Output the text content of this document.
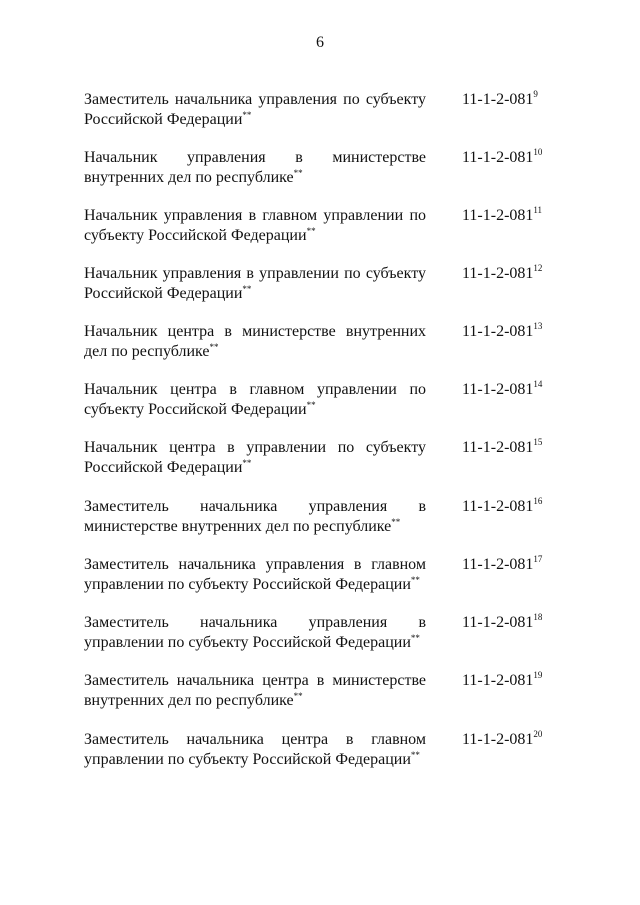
6
Заместитель начальника управления по субъекту Российской Федерации**
$11-1-2-081^9$
Начальник управления в министерстве внутренних дел по республике**
$11-1-2-081^{10}$
Начальник управления в главном управлении по субъекту Российской Федерации**
$11-1-2-081^{11}$
Начальник управления в управлении по субъекту Российской Федерации**
$11-1-2-081^{12}$
Начальник центра в министерстве внутренних дел по республике**
$11-1-2-081^{13}$
Начальник центра в главном управлении по субъекту Российской Федерации**
$11-1-2-081^{14}$
Начальник центра в управлении по субъекту Российской Федерации**
$11-1-2-081^{15}$
Заместитель начальника управления в министерстве внутренних дел по республике**
$11-1-2-081^{16}$
Заместитель начальника управления в главном управлении по субъекту Российской Федерации**
$11-1-2-081^{17}$
Заместитель начальника управления в управлении по субъекту Российской Федерации**
$11-1-2-081^{18}$
Заместитель начальника центра в министерстве внутренних дел по республике**
$11-1-2-081^{19}$
Заместитель начальника центра в главном управлении по субъекту Российской Федерации**
$11-1-2-081^{20}$
